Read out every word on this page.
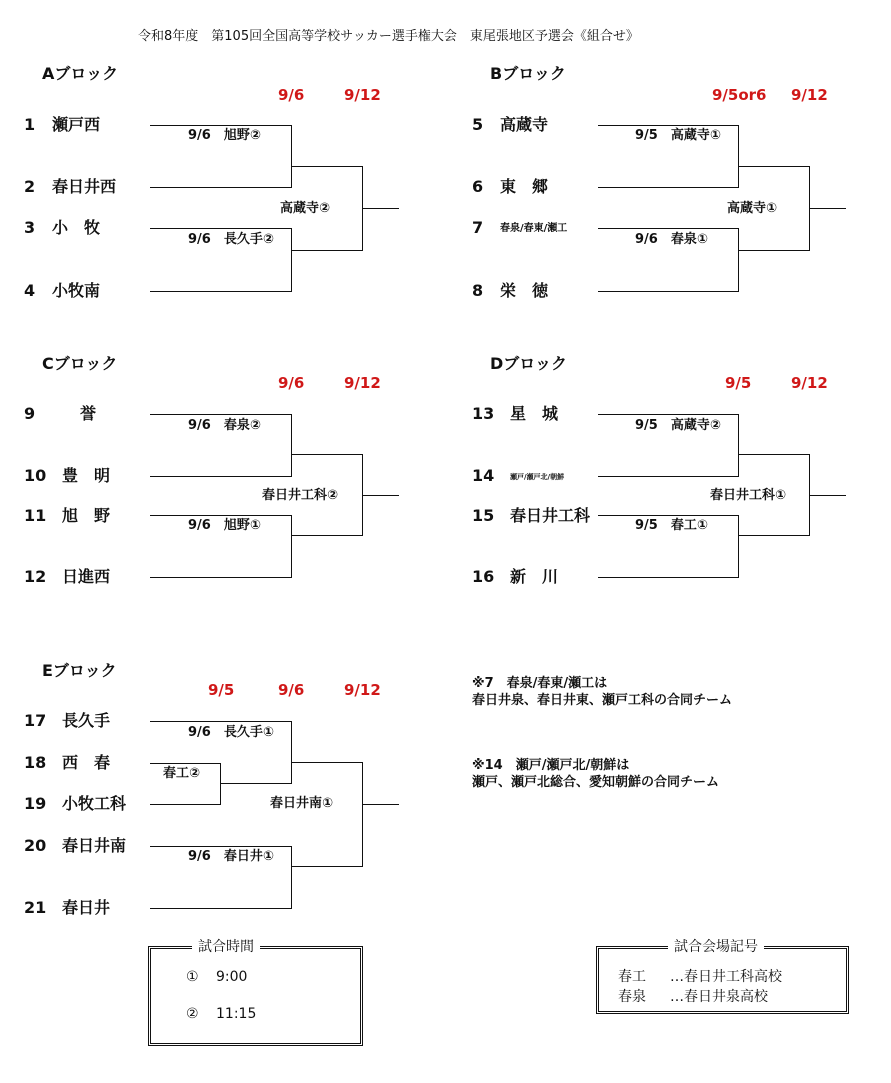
令和8年度　第105回全国高等学校サッカー選手権大会　東尾張地区予選会《組合せ》
Aブロック
9/6	9/12
1 瀬戸西
2 春日井西
3 小　牧
4 小牧南
9/6　旭野②
9/6　長久手②
高蔵寺②
Bブロック
9/5or6 9/12
5 高蔵寺
6 東　郷
7 春泉/春東/瀬工
8 栄　徳
9/5　高蔵寺①
9/6　春泉①
高蔵寺①
Cブロック
9/6	9/12
9	誉
10 豊　明
11 旭　野
12 日進西
9/6　春泉②
9/6　旭野①
春日井工科②
Dブロック
9/5	9/12
13 星　城
14 瀬戸/瀬戸北/朝鮮
15 春日井工科
16 新　川
9/5　高蔵寺②
9/5　春工①
春日井工科①
Eブロック
9/5	9/6	9/12
17 長久手
18 西　春
19 小牧工科
20 春日井南
21 春日井
春工②
9/6　長久手①
9/6　春日井①
春日井南①
※7　春泉/春東/瀬工は
春日井泉、春日井東、瀬戸工科の合同チーム
※14　瀬戸/瀬戸北/朝鮮は
瀬戸、瀬戸北総合、愛知朝鮮の合同チーム
試合時間
① 9:00
② 11:15
試合会場記号
春工 …春日井工科高校
春泉 …春日井泉高校
